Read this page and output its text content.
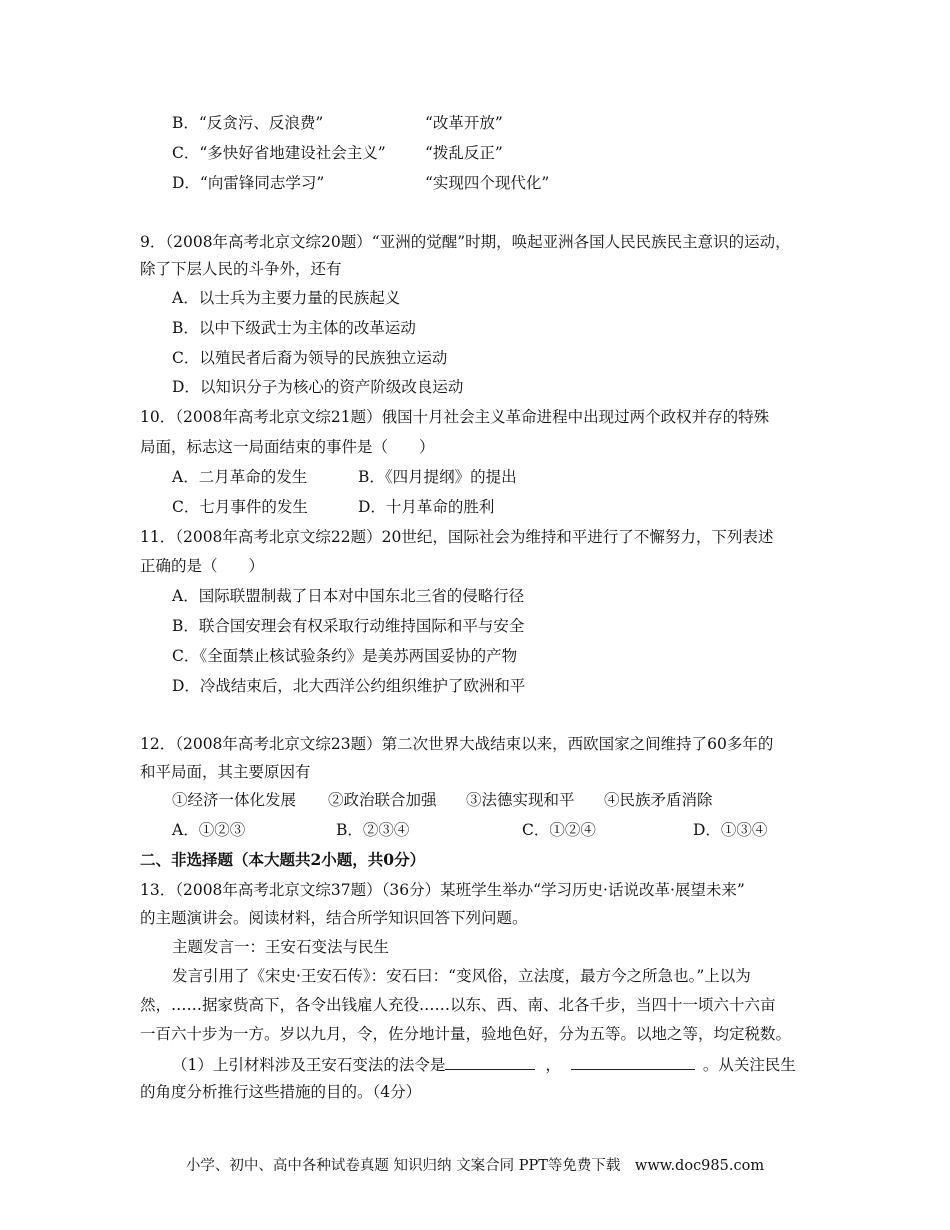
B．“反贪污、反浪费”	“改革开放”
C．“多快好省地建设社会主义”	“拨乱反正”
D．“向雷锋同志学习”	“实现四个现代化”
9．（2008年高考北京文综20题）“亚洲的觉醒”时期，唤起亚洲各国人民民族民主意识的运动，
除了下层人民的斗争外，还有
A．以士兵为主要力量的民族起义
B．以中下级武士为主体的改革运动
C．以殖民者后裔为领导的民族独立运动
D．以知识分子为核心的资产阶级改良运动
10．（2008年高考北京文综21题）俄国十月社会主义革命进程中出现过两个政权并存的特殊
局面，标志这一局面结束的事件是（　　）
A．二月革命的发生	B．《四月提纲》的提出
C．七月事件的发生	D．十月革命的胜利
11．（2008年高考北京文综22题）20世纪，国际社会为维持和平进行了不懈努力，下列表述
正确的是（　　）
A．国际联盟制裁了日本对中国东北三省的侵略行径
B．联合国安理会有权采取行动维持国际和平与安全
C．《全面禁止核试验条约》是美苏两国妥协的产物
D．冷战结束后，北大西洋公约组织维护了欧洲和平
12．（2008年高考北京文综23题）第二次世界大战结束以来，西欧国家之间维持了60多年的
和平局面，其主要原因有
①经济一体化发展 ②政治联合加强 ③法德实现和平 ④民族矛盾消除
A．①②③	B．②③④	C．①②④	D．①③④
二、非选择题（本大题共2小题，共0分）
13．（2008年高考北京文综37题）（36分）某班学生举办“学习历史·话说改革·展望未来”
的主题演讲会。阅读材料，结合所学知识回答下列问题。
主题发言一：王安石变法与民生
发言引用了《宋史·王安石传》：安石曰：“变风俗，立法度，最方今之所急也。”上以为
然，……据家赀高下，各令出钱雇人充役……以东、西、南、北各千步，当四十一顷六十六亩
一百六十步为一方。岁以九月，令，佐分地计量，验地色好，分为五等。以地之等，均定税数。
（1）上引材料涉及王安石变法的法令是	，	。从关注民生
的角度分析推行这些措施的目的。（4分）
小学、初中、高中各种试卷真题 知识归纳 文案合同 PPT等免费下载　www.doc985.com
